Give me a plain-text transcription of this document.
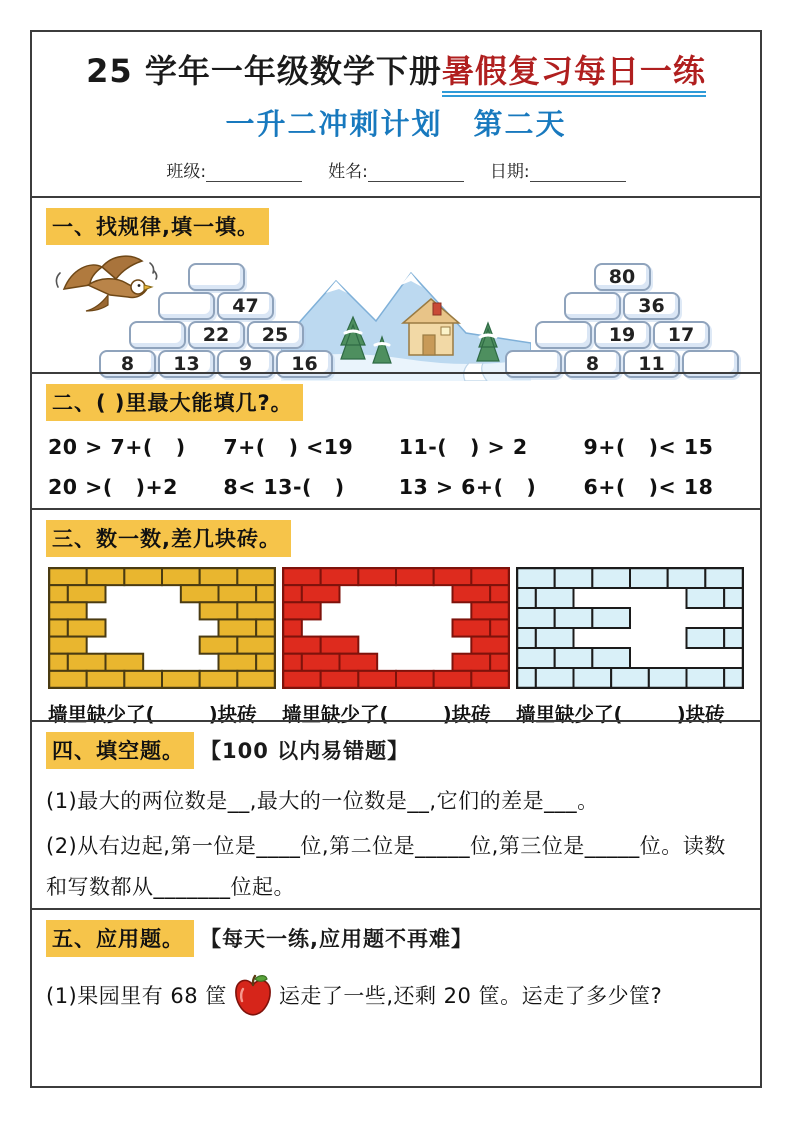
25 学年一年级数学下册暑假复习每日一练
一升二冲刺计划　第二天
班级:	姓名:	日期:
一、找规律,填一填。
47
22	25
8	13	9	16
80
36
19	17
8	11
二、( )里最大能填几?。
20 > 7+(   )	7+(   ) <19	11-(   ) > 2	9+(   )< 15
20 >(   )+2	8< 13-(   )	13 > 6+(   )	6+(   )< 18
三、数一数,差几块砖。
墙里缺少了(        )块砖 墙里缺少了(        )块砖 墙里缺少了(        )块砖
四、填空题。 【100 以内易错题】
(1)最大的两位数是__,最大的一位数是__,它们的差是___。
(2)从右边起,第一位是____位,第二位是_____位,第三位是_____位。读数和写数都从_______位起。
五、应用题。 【每天一练,应用题不再难】
(1)果园里有 68 筐 运走了一些,还剩 20 筐。运走了多少筐?
